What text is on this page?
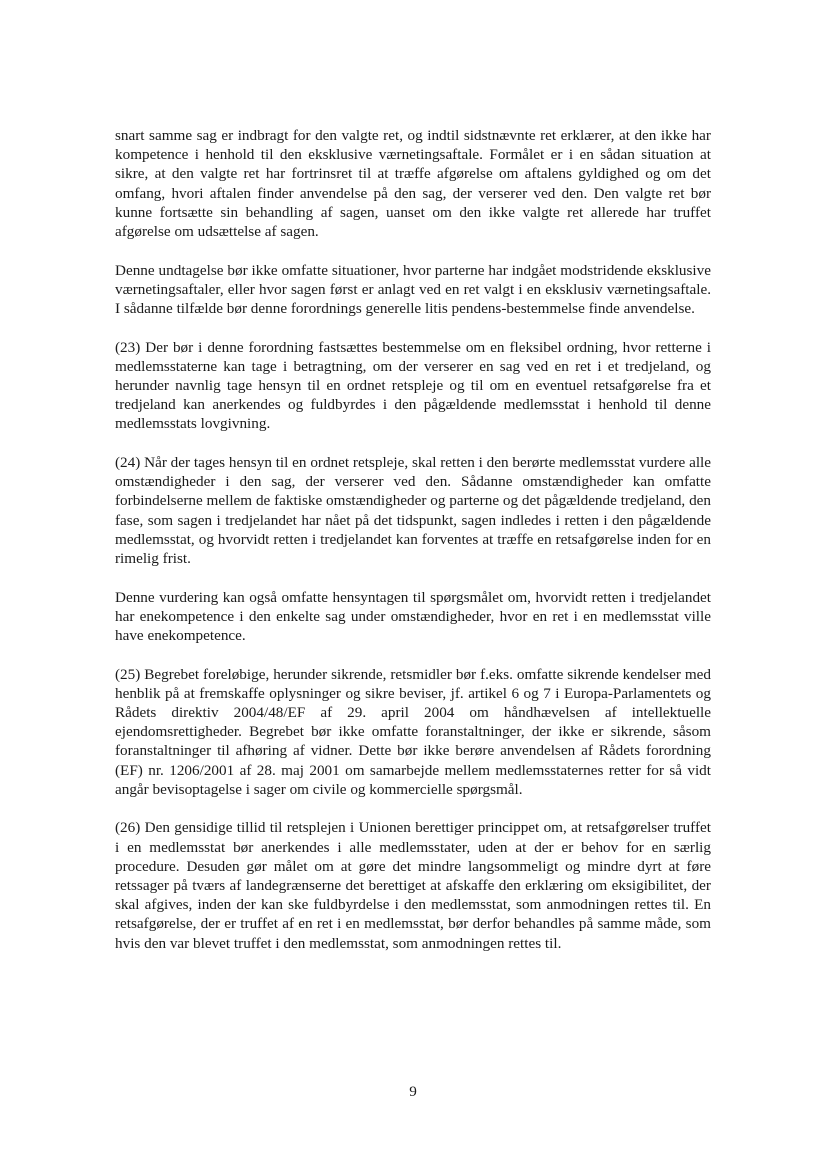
snart samme sag er indbragt for den valgte ret, og indtil sidstnævnte ret erklærer, at den ikke har kompetence i henhold til den eksklusive værnetingsaftale. Formålet er i en sådan situation at sikre, at den valgte ret har fortrinsret til at træffe afgørelse om aftalens gyldighed og om det omfang, hvori aftalen finder anvendelse på den sag, der verserer ved den. Den valgte ret bør kunne fortsætte sin behandling af sagen, uanset om den ikke valgte ret allerede har truffet afgørelse om udsættelse af sagen.

Denne undtagelse bør ikke omfatte situationer, hvor parterne har indgået modstridende eksklusive værnetingsaftaler, eller hvor sagen først er anlagt ved en ret valgt i en eksklusiv værnetingsaftale. I sådanne tilfælde bør denne forordnings generelle litis pendens-bestemmelse finde anvendelse.

(23) Der bør i denne forordning fastsættes bestemmelse om en fleksibel ordning, hvor retterne i medlemsstaterne kan tage i betragtning, om der verserer en sag ved en ret i et tredjeland, og herunder navnlig tage hensyn til en ordnet retspleje og til om en eventuel retsafgørelse fra et tredjeland kan anerkendes og fuldbyrdes i den pågældende medlemsstat i henhold til denne medlemsstats lovgivning.

(24) Når der tages hensyn til en ordnet retspleje, skal retten i den berørte medlemsstat vurdere alle omstændigheder i den sag, der verserer ved den. Sådanne omstændigheder kan omfatte forbindelserne mellem de faktiske omstændigheder og parterne og det pågældende tredjeland, den fase, som sagen i tredjelandet har nået på det tidspunkt, sagen indledes i retten i den pågældende medlemsstat, og hvorvidt retten i tredjelandet kan forventes at træffe en retsafgørelse inden for en rimelig frist.

Denne vurdering kan også omfatte hensyntagen til spørgsmålet om, hvorvidt retten i tredjelandet har enekompetence i den enkelte sag under omstændigheder, hvor en ret i en medlemsstat ville have enekompetence.

(25) Begrebet foreløbige, herunder sikrende, retsmidler bør f.eks. omfatte sikrende kendelser med henblik på at fremskaffe oplysninger og sikre beviser, jf. artikel 6 og 7 i Europa-Parlamentets og Rådets direktiv 2004/48/EF af 29. april 2004 om håndhævelsen af intellektuelle ejendomsrettigheder. Begrebet bør ikke omfatte foranstaltninger, der ikke er sikrende, såsom foranstaltninger til afhøring af vidner. Dette bør ikke berøre anvendelsen af Rådets forordning (EF) nr. 1206/2001 af 28. maj 2001 om samarbejde mellem medlemsstaternes retter for så vidt angår bevisoptagelse i sager om civile og kommercielle spørgsmål.

(26) Den gensidige tillid til retsplejen i Unionen berettiger princippet om, at retsafgørelser truffet i en medlemsstat bør anerkendes i alle medlemsstater, uden at der er behov for en særlig procedure. Desuden gør målet om at gøre det mindre langsommeligt og mindre dyrt at føre retssager på tværs af landegrænserne det berettiget at afskaffe den erklæring om eksigibilitet, der skal afgives, inden der kan ske fuldbyrdelse i den medlemsstat, som anmodningen rettes til. En retsafgørelse, der er truffet af en ret i en medlemsstat, bør derfor behandles på samme måde, som hvis den var blevet truffet i den medlemsstat, som anmodningen rettes til.

9
